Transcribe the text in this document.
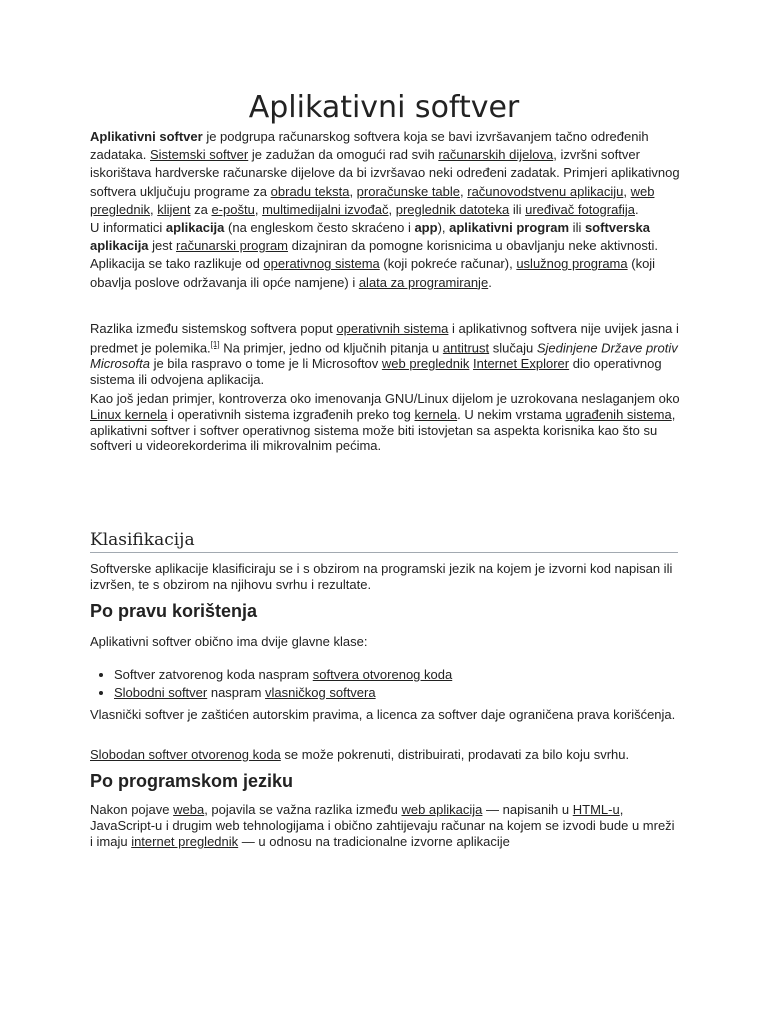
Aplikativni softver

Aplikativni softver je podgrupa računarskog softvera koja se bavi izvršavanjem tačno određenih zadataka. Sistemski softver je zadužan da omogući rad svih računarskih dijelova, izvršni softver iskorištava hardverske računarske dijelove da bi izvršavao neki određeni zadatak. Primjeri aplikativnog softvera uključuju programe za obradu teksta, proračunske table, računovodstvenu aplikaciju, web preglednik, klijent za e-poštu, multimedijalni izvođač, preglednik datoteka ili uređivač fotografija.

U informatici aplikacija (na engleskom često skraćeno i app), aplikativni program ili softverska aplikacija jest računarski program dizajniran da pomogne korisnicima u obavljanju neke aktivnosti. Aplikacija se tako razlikuje od operativnog sistema (koji pokreće računar), uslužnog programa (koji obavlja poslove održavanja ili opće namjene) i alata za programiranje.

Razlika između sistemskog softvera poput operativnih sistema i aplikativnog softvera nije uvijek jasna i predmet je polemika.[1] Na primjer, jedno od ključnih pitanja u antitrust slučaju Sjedinjene Države protiv Microsofta je bila raspravo o tome je li Microsoftov web preglednik Internet Explorer dio operativnog sistema ili odvojena aplikacija.

Kao još jedan primjer, kontroverza oko imenovanja GNU/Linux dijelom je uzrokovana neslaganjem oko Linux kernela i operativnih sistema izgrađenih preko tog kernela. U nekim vrstama ugrađenih sistema, aplikativni softver i softver operativnog sistema može biti istovjetan sa aspekta korisnika kao što su softveri u videorekorderima ili mikrovalnim pećima.

Klasifikacija

Softverske aplikacije klasificiraju se i s obzirom na programski jezik na kojem je izvorni kod napisan ili izvršen, te s obzirom na njihovu svrhu i rezultate.

Po pravu korištenja

Aplikativni softver obično ima dvije glavne klase:

• Softver zatvorenog koda naspram softvera otvorenog koda
• Slobodni softver naspram vlasničkog softvera

Vlasnički softver je zaštićen autorskim pravima, a licenca za softver daje ograničena prava korišćenja.

Slobodan softver otvorenog koda se može pokrenuti, distribuirati, prodavati za bilo koju svrhu.

Po programskom jeziku

Nakon pojave weba, pojavila se važna razlika između web aplikacija — napisanih u HTML-u, JavaScript-u i drugim web tehnologijama i obično zahtijevaju računar na kojem se izvodi bude u mreži i imaju internet preglednik — u odnosu na tradicionalne izvorne aplikacije
